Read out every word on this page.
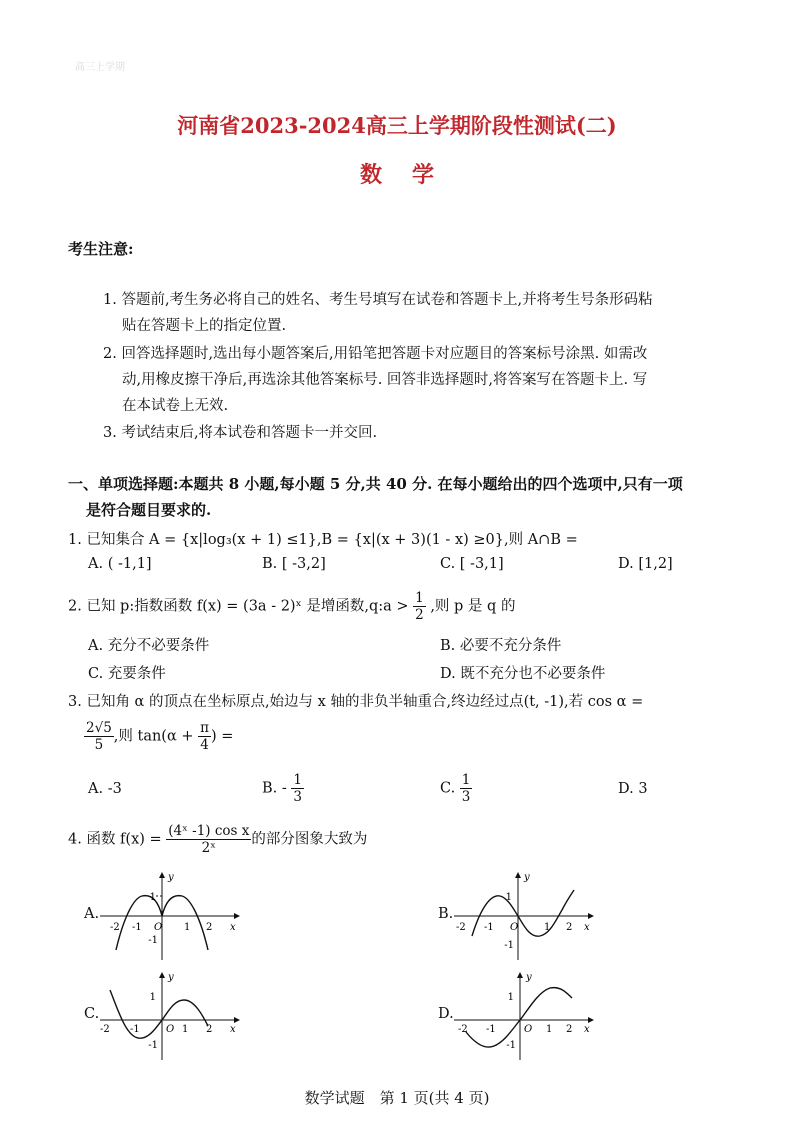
高三上学期
河南省2023-2024高三上学期阶段性测试(二)
数学
考生注意:
1. 答题前,考生务必将自己的姓名、考生号填写在试卷和答题卡上,并将考生号条形码粘
贴在答题卡上的指定位置.
2. 回答选择题时,选出每小题答案后,用铅笔把答题卡对应题目的答案标号涂黑. 如需改
动,用橡皮擦干净后,再选涂其他答案标号. 回答非选择题时,将答案写在答题卡上. 写
在本试卷上无效.
3. 考试结束后,将本试卷和答题卡一并交回.
一、单项选择题:本题共 8 小题,每小题 5 分,共 40 分. 在每小题给出的四个选项中,只有一项
是符合题目要求的.
1. 已知集合 A = {x|log₃(x + 1) ≤1},B = {x|(x + 3)(1 - x) ≥0},则 A∩B =
A. ( -1,1]	B. [ -3,2]	C. [ -3,1]	D. [1,2]
2. 已知 p:指数函数 f(x) = (3a - 2)ˣ 是增函数,q:a > $\frac{1}{2}$ ,则 p 是 q 的
A. 充分不必要条件	B. 必要不充分条件
C. 充要条件	D. 既不充分也不必要条件
3. 已知角 α 的顶点在坐标原点,始边与 x 轴的非负半轴重合,终边经过点(t, -1),若 cos α =
$\frac{2√5}{5}$ ,则 $\tan(\alpha + \frac{\pi}{4}$ ) =
A. -3	B. - $\frac{1}{3}$	C. $\frac{1}{3}$	D. 3
4. 函数 $f(x) = \frac{\text{(4ˣ -1) cos x}}{\text{2ˣ}}$ 的部分图象大致为
A.	B.
C.	D.
1
-1
y
x
O
-2 -1	1 2
1
-1
y
x
O
-2 -1	1 2
1
-1
y
x
O
-2 -1	1 2
1
-1
y
x
O
-2 -1	1 2
数学试题　第 1 页(共 4 页)
